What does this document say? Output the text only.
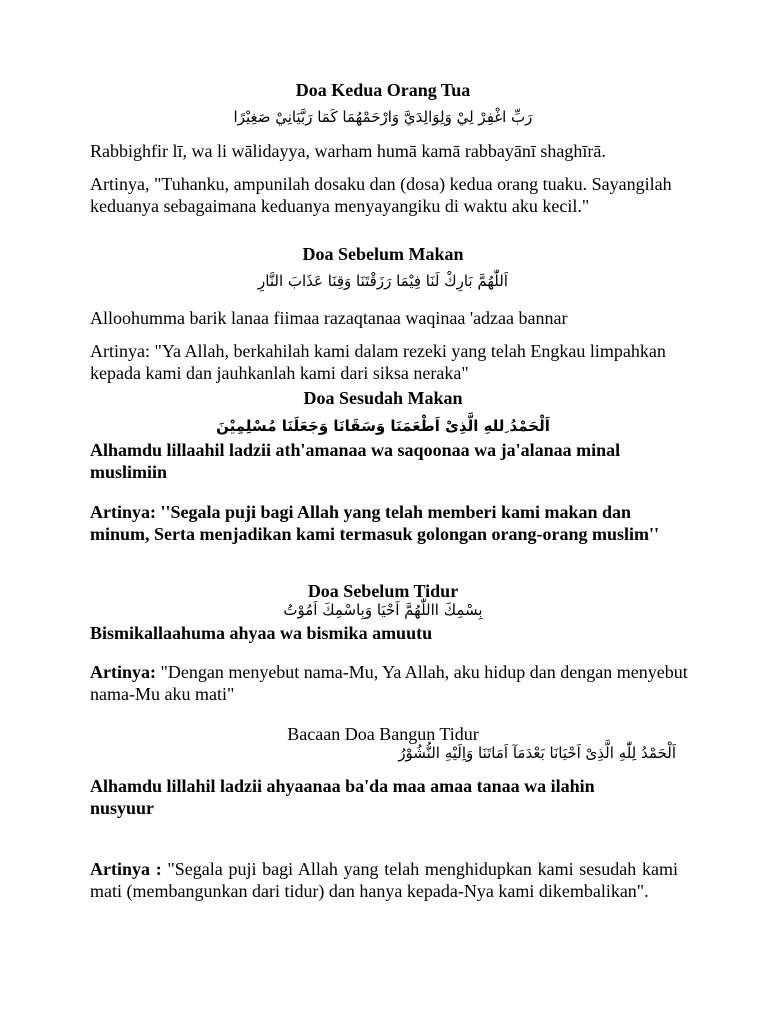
Doa Kedua Orang Tua
رَبِّ اغْفِرْ لِيْ وَلِوَالِدَيَّ وَارْحَمْهُمَا كَمَا رَبَّيَانِيْ صَغِيْرًا
Rabbighfir lī, wa li wālidayya, warham humā kamā rabbayānī shaghīrā.
Artinya, "Tuhanku, ampunilah dosaku dan (dosa) kedua orang tuaku. Sayangilah keduanya sebagaimana keduanya menyayangiku di waktu aku kecil."
Doa Sebelum Makan
اَللّٰهُمَّ بَارِكْ لَنَا فِيْمَا رَزَقْتَنَا وَقِنَا عَذَابَ النَّارِ
Alloohumma barik lanaa fiimaa razaqtanaa waqinaa 'adzaa bannar
Artinya: "Ya Allah, berkahilah kami dalam rezeki yang telah Engkau limpahkan kepada kami dan jauhkanlah kami dari siksa neraka"
Doa Sesudah Makan
اَلْحَمْدُ ِللهِ الَّذِىْ اَطْعَمَنَا وَسَقَانَا وَجَعَلَنَا مُسْلِمِيْنَ
Alhamdu lillaahil ladzii ath'amanaa wa saqoonaa wa ja'alanaa minal muslimiin
Artinya: ''Segala puji bagi Allah yang telah memberi kami makan dan minum, Serta menjadikan kami termasuk golongan orang-orang muslim''
Doa Sebelum Tidur
بِسْمِكَ االلّٰهُمَّ اَحْيَا وَبِاسْمِكَ اَمُوْتُ
Bismikallaahuma ahyaa wa bismika amuutu
Artinya: "Dengan menyebut nama-Mu, Ya Allah, aku hidup dan dengan menyebut nama-Mu aku mati"
Bacaan Doa Bangun Tidur
اَلْحَمْدُ لِلّٰهِ الَّذِىْ اَحْيَانَا بَعْدَمَآ اَمَاتَنَا وَاِلَيْهِ النُّشُوْرُ
Alhamdu lillahil ladzii ahyaanaa ba'da maa amaa tanaa wa ilahin nusyuur
Artinya : "Segala puji bagi Allah yang telah menghidupkan kami sesudah kami mati (membangunkan dari tidur) dan hanya kepada-Nya kami dikembalikan".
